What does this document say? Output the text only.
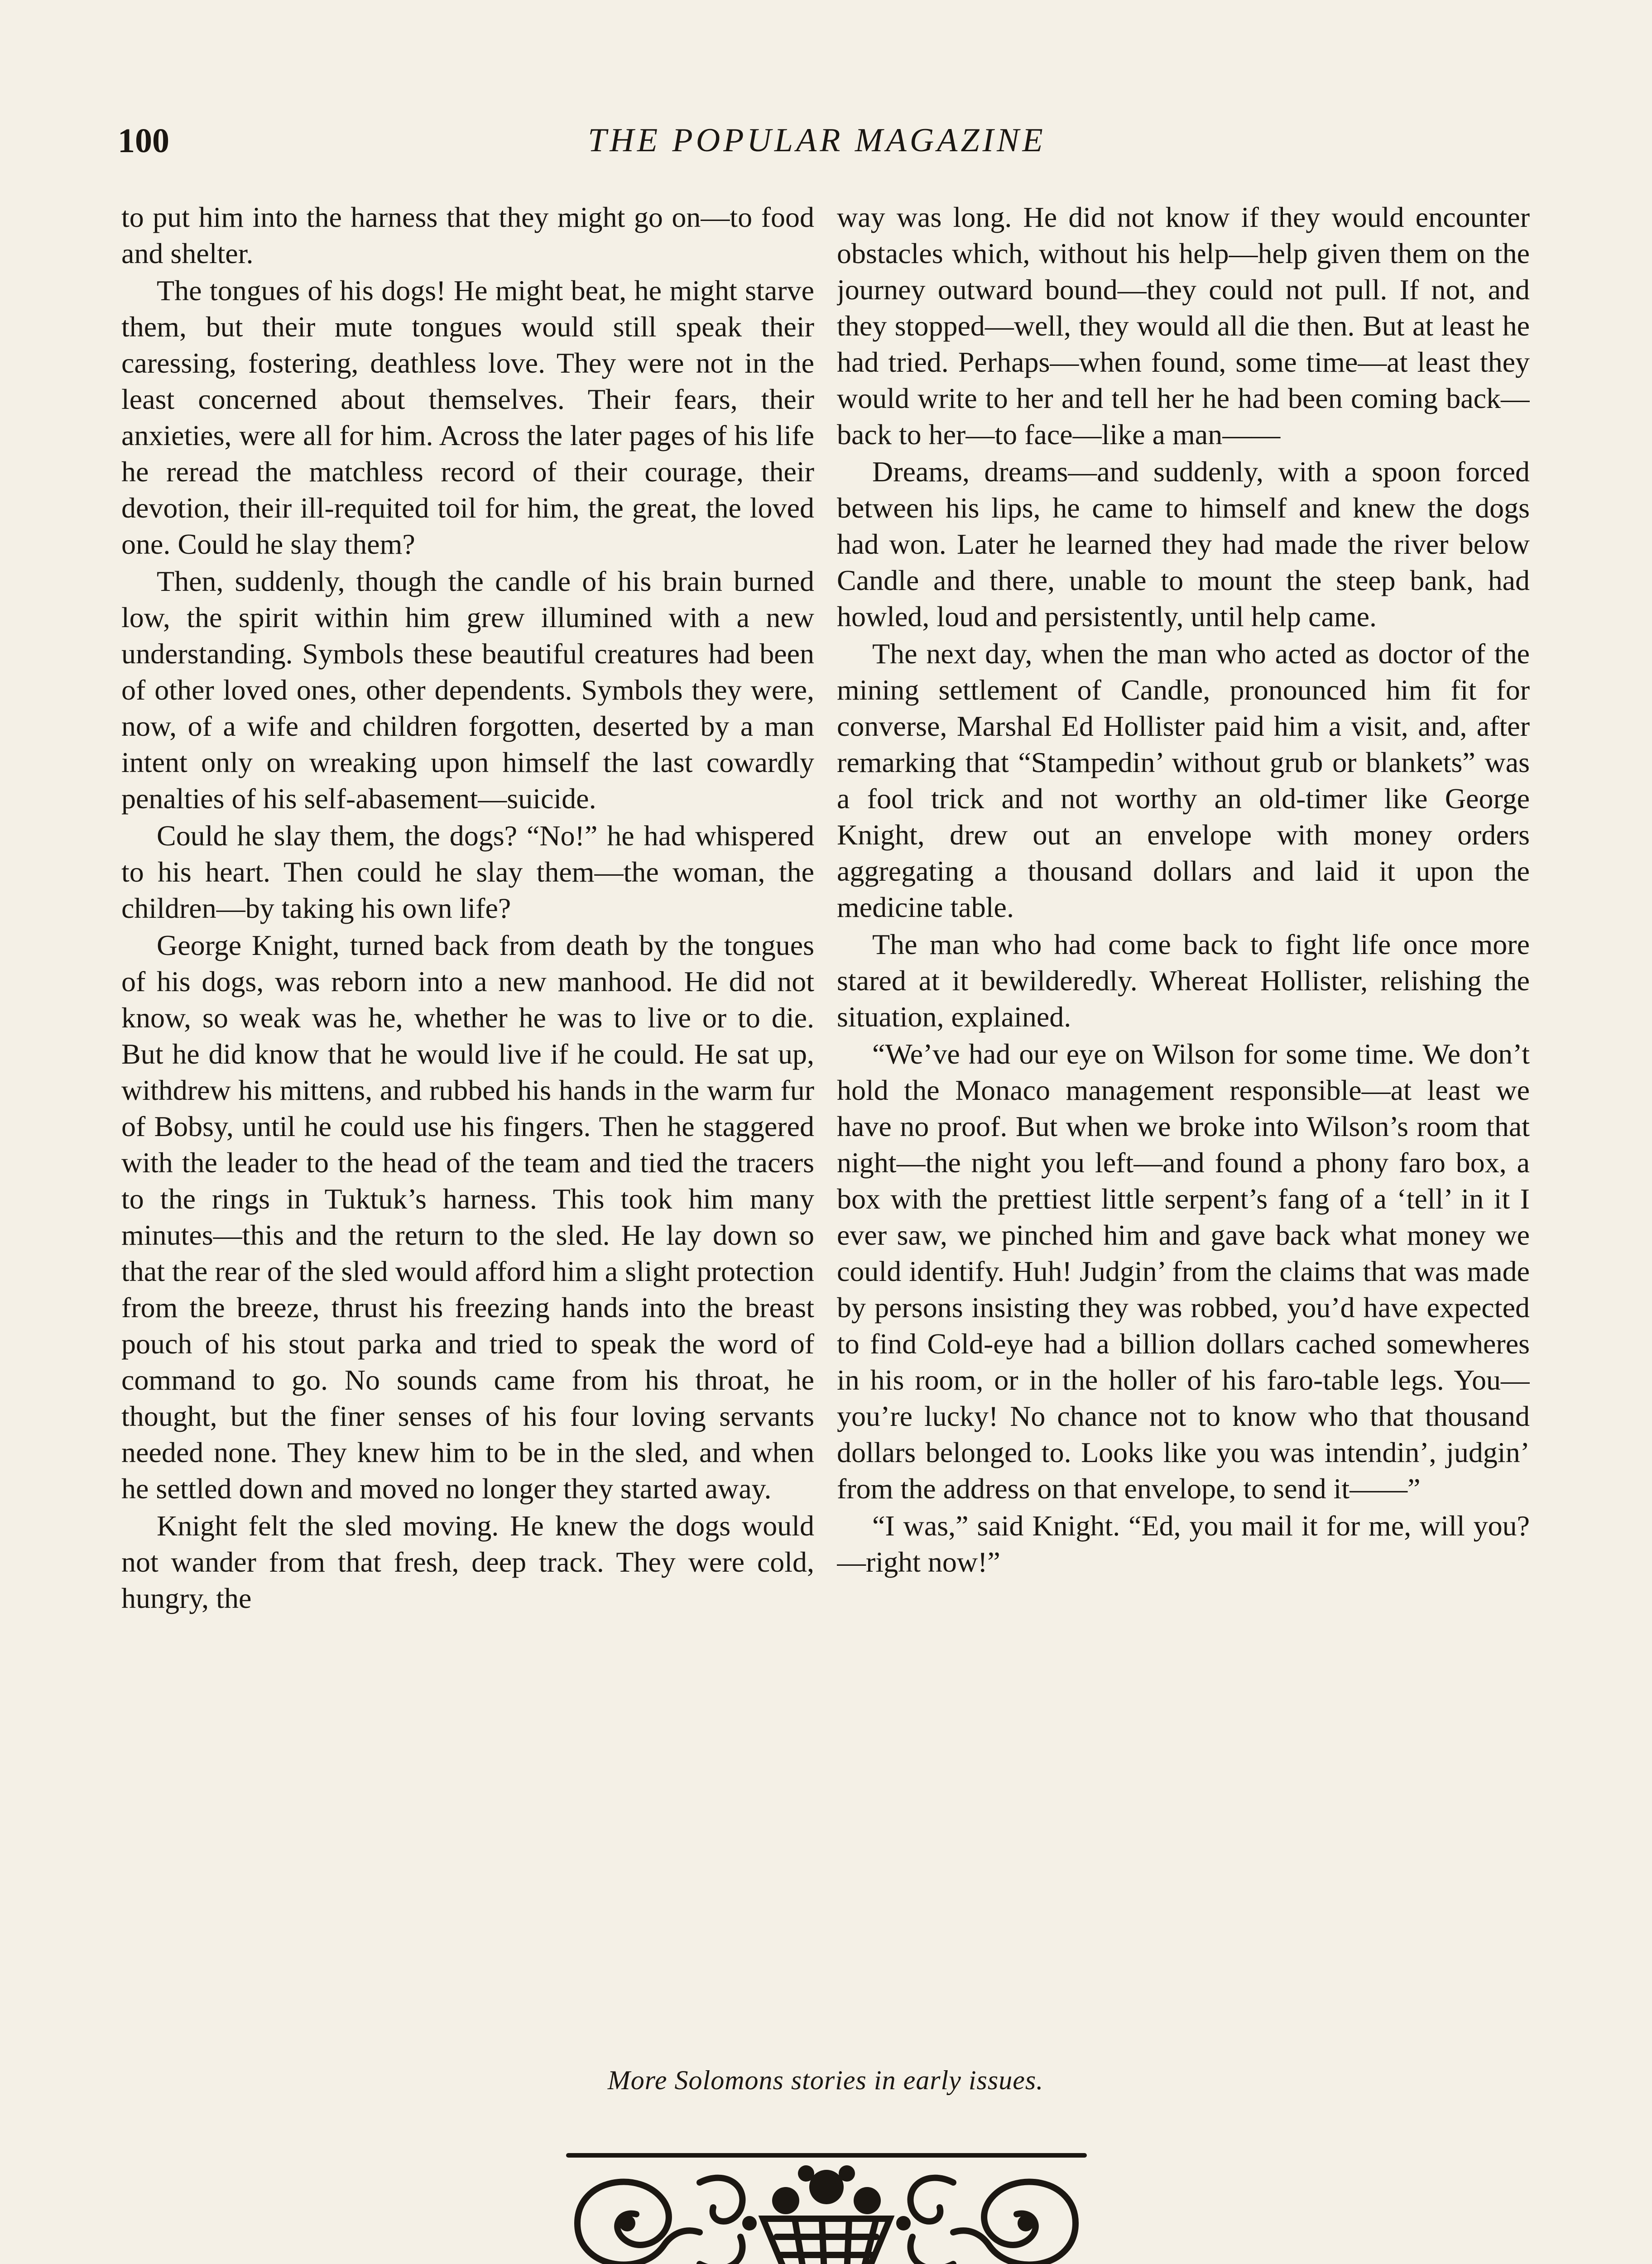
100	THE POPULAR MAGAZINE

to put him into the harness that they might go on—to food and shelter.

The tongues of his dogs! He might beat, he might starve them, but their mute tongues would still speak their caressing, fostering, deathless love. They were not in the least concerned about themselves. Their fears, their anxieties, were all for him. Across the later pages of his life he reread the matchless record of their courage, their devotion, their ill-requited toil for him, the great, the loved one. Could he slay them?

Then, suddenly, though the candle of his brain burned low, the spirit within him grew illumined with a new understanding. Symbols these beautiful creatures had been of other loved ones, other dependents. Symbols they were, now, of a wife and children forgotten, deserted by a man intent only on wreaking upon himself the last cowardly penalties of his self-abasement—suicide.

Could he slay them, the dogs? “No!” he had whispered to his heart. Then could he slay them—the woman, the children—by taking his own life?

George Knight, turned back from death by the tongues of his dogs, was reborn into a new manhood. He did not know, so weak was he, whether he was to live or to die. But he did know that he would live if he could. He sat up, withdrew his mittens, and rubbed his hands in the warm fur of Bobsy, until he could use his fingers. Then he staggered with the leader to the head of the team and tied the tracers to the rings in Tuktuk’s harness. This took him many minutes—this and the return to the sled. He lay down so that the rear of the sled would afford him a slight protection from the breeze, thrust his freezing hands into the breast pouch of his stout parka and tried to speak the word of command to go. No sounds came from his throat, he thought, but the finer senses of his four loving servants needed none. They knew him to be in the sled, and when he settled down and moved no longer they started away.

Knight felt the sled moving. He knew the dogs would not wander from that fresh, deep track. They were cold, hungry, the

way was long. He did not know if they would encounter obstacles which, without his help—help given them on the journey outward bound—they could not pull. If not, and they stopped—well, they would all die then. But at least he had tried. Perhaps—when found, some time—at least they would write to her and tell her he had been coming back—back to her—to face—like a man——

Dreams, dreams—and suddenly, with a spoon forced between his lips, he came to himself and knew the dogs had won. Later he learned they had made the river below Candle and there, unable to mount the steep bank, had howled, loud and persistently, until help came.

The next day, when the man who acted as doctor of the mining settlement of Candle, pronounced him fit for converse, Marshal Ed Hollister paid him a visit, and, after remarking that “Stampedin’ without grub or blankets” was a fool trick and not worthy an old-timer like George Knight, drew out an envelope with money orders aggregating a thousand dollars and laid it upon the medicine table.

The man who had come back to fight life once more stared at it bewilderedly. Whereat Hollister, relishing the situation, explained.

“We’ve had our eye on Wilson for some time. We don’t hold the Monaco management responsible—at least we have no proof. But when we broke into Wilson’s room that night—the night you left—and found a phony faro box, a box with the prettiest little serpent’s fang of a ‘tell’ in it I ever saw, we pinched him and gave back what money we could identify. Huh! Judgin’ from the claims that was made by persons insisting they was robbed, you’d have expected to find Cold-eye had a billion dollars cached somewheres in his room, or in the holler of his faro-table legs. You—you’re lucky! No chance not to know who that thousand dollars belonged to. Looks like you was intendin’, judgin’ from the address on that envelope, to send it——”

“I was,” said Knight. “Ed, you mail it for me, will you?—right now!”

More Solomons stories in early issues.
